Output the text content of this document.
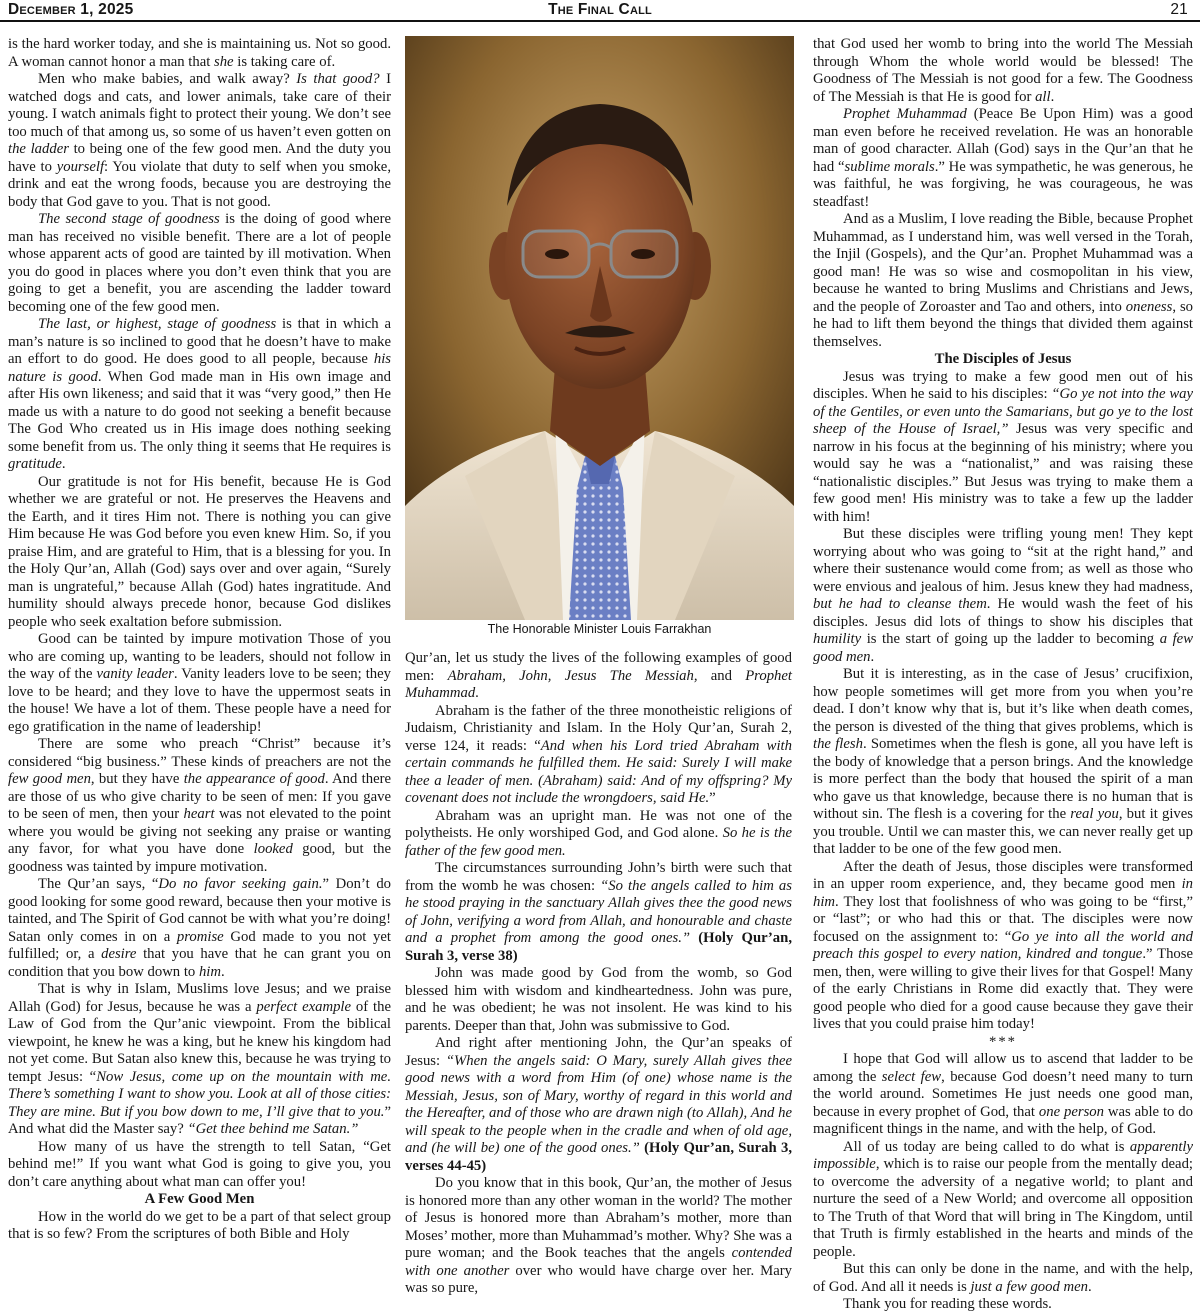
December 1, 2025	The Final Call	21

is the hard worker today, and she is maintaining us. Not so good. A woman cannot honor a man that she is taking care of.

Men who make babies, and walk away? Is that good? I watched dogs and cats, and lower animals, take care of their young. I watch animals fight to protect their young. We don’t see too much of that among us, so some of us haven’t even gotten on the ladder to being one of the few good men. And the duty you have to yourself: You violate that duty to self when you smoke, drink and eat the wrong foods, because you are destroying the body that God gave to you. That is not good.

The second stage of goodness is the doing of good where man has received no visible benefit. There are a lot of people whose apparent acts of good are tainted by ill motivation. When you do good in places where you don’t even think that you are going to get a benefit, you are ascending the ladder toward becoming one of the few good men.

The last, or highest, stage of goodness is that in which a man’s nature is so inclined to good that he doesn’t have to make an effort to do good. He does good to all people, because his nature is good. When God made man in His own image and after His own likeness; and said that it was “very good,” then He made us with a nature to do good not seeking a benefit because The God Who created us in His image does nothing seeking some benefit from us. The only thing it seems that He requires is gratitude.

Our gratitude is not for His benefit, because He is God whether we are grateful or not. He preserves the Heavens and the Earth, and it tires Him not. There is nothing you can give Him because He was God before you even knew Him. So, if you praise Him, and are grateful to Him, that is a blessing for you. In the Holy Qur’an, Allah (God) says over and over again, “Surely man is ungrateful,” because Allah (God) hates ingratitude. And humility should always precede honor, because God dislikes people who seek exaltation before submission.

Good can be tainted by impure motivation Those of you who are coming up, wanting to be leaders, should not follow in the way of the vanity leader. Vanity leaders love to be seen; they love to be heard; and they love to have the uppermost seats in the house! We have a lot of them. These people have a need for ego gratification in the name of leadership!

There are some who preach “Christ” because it’s considered “big business.” These kinds of preachers are not the few good men, but they have the appearance of good. And there are those of us who give charity to be seen of men: If you gave to be seen of men, then your heart was not elevated to the point where you would be giving not seeking any praise or wanting any favor, for what you have done looked good, but the goodness was tainted by impure motivation.

The Qur’an says, “Do no favor seeking gain.” Don’t do good looking for some good reward, because then your motive is tainted, and The Spirit of God cannot be with what you’re doing! Satan only comes in on a promise God made to you not yet fulfilled; or, a desire that you have that he can grant you on condition that you bow down to him.

That is why in Islam, Muslims love Jesus; and we praise Allah (God) for Jesus, because he was a perfect example of the Law of God from the Qur’anic viewpoint. From the biblical viewpoint, he knew he was a king, but he knew his kingdom had not yet come. But Satan also knew this, because he was trying to tempt Jesus: “Now Jesus, come up on the mountain with me. There’s something I want to show you. Look at all of those cities: They are mine. But if you bow down to me, I’ll give that to you.” And what did the Master say? “Get thee behind me Satan.”

How many of us have the strength to tell Satan, “Get behind me!” If you want what God is going to give you, you don’t care anything about what man can offer you!

A Few Good Men

How in the world do we get to be a part of that select group that is so few? From the scriptures of both Bible and Holy

The Honorable Minister Louis Farrakhan

Qur’an, let us study the lives of the following examples of good men: Abraham, John, Jesus The Messiah, and Prophet Muhammad.

Abraham is the father of the three monotheistic religions of Judaism, Christianity and Islam. In the Holy Qur’an, Surah 2, verse 124, it reads: “And when his Lord tried Abraham with certain commands he fulfilled them. He said: Surely I will make thee a leader of men. (Abraham) said: And of my offspring? My covenant does not include the wrongdoers, said He.”

Abraham was an upright man. He was not one of the polytheists. He only worshiped God, and God alone. So he is the father of the few good men.

The circumstances surrounding John’s birth were such that from the womb he was chosen: “So the angels called to him as he stood praying in the sanctuary Allah gives thee the good news of John, verifying a word from Allah, and honourable and chaste and a prophet from among the good ones.” (Holy Qur’an, Surah 3, verse 38)

John was made good by God from the womb, so God blessed him with wisdom and kindheartedness. John was pure, and he was obedient; he was not insolent. He was kind to his parents. Deeper than that, John was submissive to God.

And right after mentioning John, the Qur’an speaks of Jesus: “When the angels said: O Mary, surely Allah gives thee good news with a word from Him (of one) whose name is the Messiah, Jesus, son of Mary, worthy of regard in this world and the Hereafter, and of those who are drawn nigh (to Allah), And he will speak to the people when in the cradle and when of old age, and (he will be) one of the good ones.” (Holy Qur’an, Surah 3, verses 44-45)

Do you know that in this book, Qur’an, the mother of Jesus is honored more than any other woman in the world? The mother of Jesus is honored more than Abraham’s mother, more than Moses’ mother, more than Muhammad’s mother. Why? She was a pure woman; and the Book teaches that the angels contended with one another over who would have charge over her. Mary was so pure,

that God used her womb to bring into the world The Messiah through Whom the whole world would be blessed! The Goodness of The Messiah is not good for a few. The Goodness of The Messiah is that He is good for all.

Prophet Muhammad (Peace Be Upon Him) was a good man even before he received revelation. He was an honorable man of good character. Allah (God) says in the Qur’an that he had “sublime morals.” He was sympathetic, he was generous, he was faithful, he was forgiving, he was courageous, he was steadfast!

And as a Muslim, I love reading the Bible, because Prophet Muhammad, as I understand him, was well versed in the Torah, the Injil (Gospels), and the Qur’an. Prophet Muhammad was a good man! He was so wise and cosmopolitan in his view, because he wanted to bring Muslims and Christians and Jews, and the people of Zoroaster and Tao and others, into oneness, so he had to lift them beyond the things that divided them against themselves.

The Disciples of Jesus

Jesus was trying to make a few good men out of his disciples. When he said to his disciples: “Go ye not into the way of the Gentiles, or even unto the Samarians, but go ye to the lost sheep of the House of Israel,” Jesus was very specific and narrow in his focus at the beginning of his ministry; where you would say he was a “nationalist,” and was raising these “nationalistic disciples.” But Jesus was trying to make them a few good men! His ministry was to take a few up the ladder with him!

But these disciples were trifling young men! They kept worrying about who was going to “sit at the right hand,” and where their sustenance would come from; as well as those who were envious and jealous of him. Jesus knew they had madness, but he had to cleanse them. He would wash the feet of his disciples. Jesus did lots of things to show his disciples that humility is the start of going up the ladder to becoming a few good men.

But it is interesting, as in the case of Jesus’ crucifixion, how people sometimes will get more from you when you’re dead. I don’t know why that is, but it’s like when death comes, the person is divested of the thing that gives problems, which is the flesh. Sometimes when the flesh is gone, all you have left is the body of knowledge that a person brings. And the knowledge is more perfect than the body that housed the spirit of a man who gave us that knowledge, because there is no human that is without sin. The flesh is a covering for the real you, but it gives you trouble. Until we can master this, we can never really get up that ladder to be one of the few good men.

After the death of Jesus, those disciples were transformed in an upper room experience, and, they became good men in him. They lost that foolishness of who was going to be “first,” or “last”; or who had this or that. The disciples were now focused on the assignment to: “Go ye into all the world and preach this gospel to every nation, kindred and tongue.” Those men, then, were willing to give their lives for that Gospel! Many of the early Christians in Rome did exactly that. They were good people who died for a good cause because they gave their lives that you could praise him today!

***

I hope that God will allow us to ascend that ladder to be among the select few, because God doesn’t need many to turn the world around. Sometimes He just needs one good man, because in every prophet of God, that one person was able to do magnificent things in the name, and with the help, of God.

All of us today are being called to do what is apparently impossible, which is to raise our people from the mentally dead; to overcome the adversity of a negative world; to plant and nurture the seed of a New World; and overcome all opposition to The Truth of that Word that will bring in The Kingdom, until that Truth is firmly established in the hearts and minds of the people.

But this can only be done in the name, and with the help, of God. And all it needs is just a few good men.

Thank you for reading these words.
